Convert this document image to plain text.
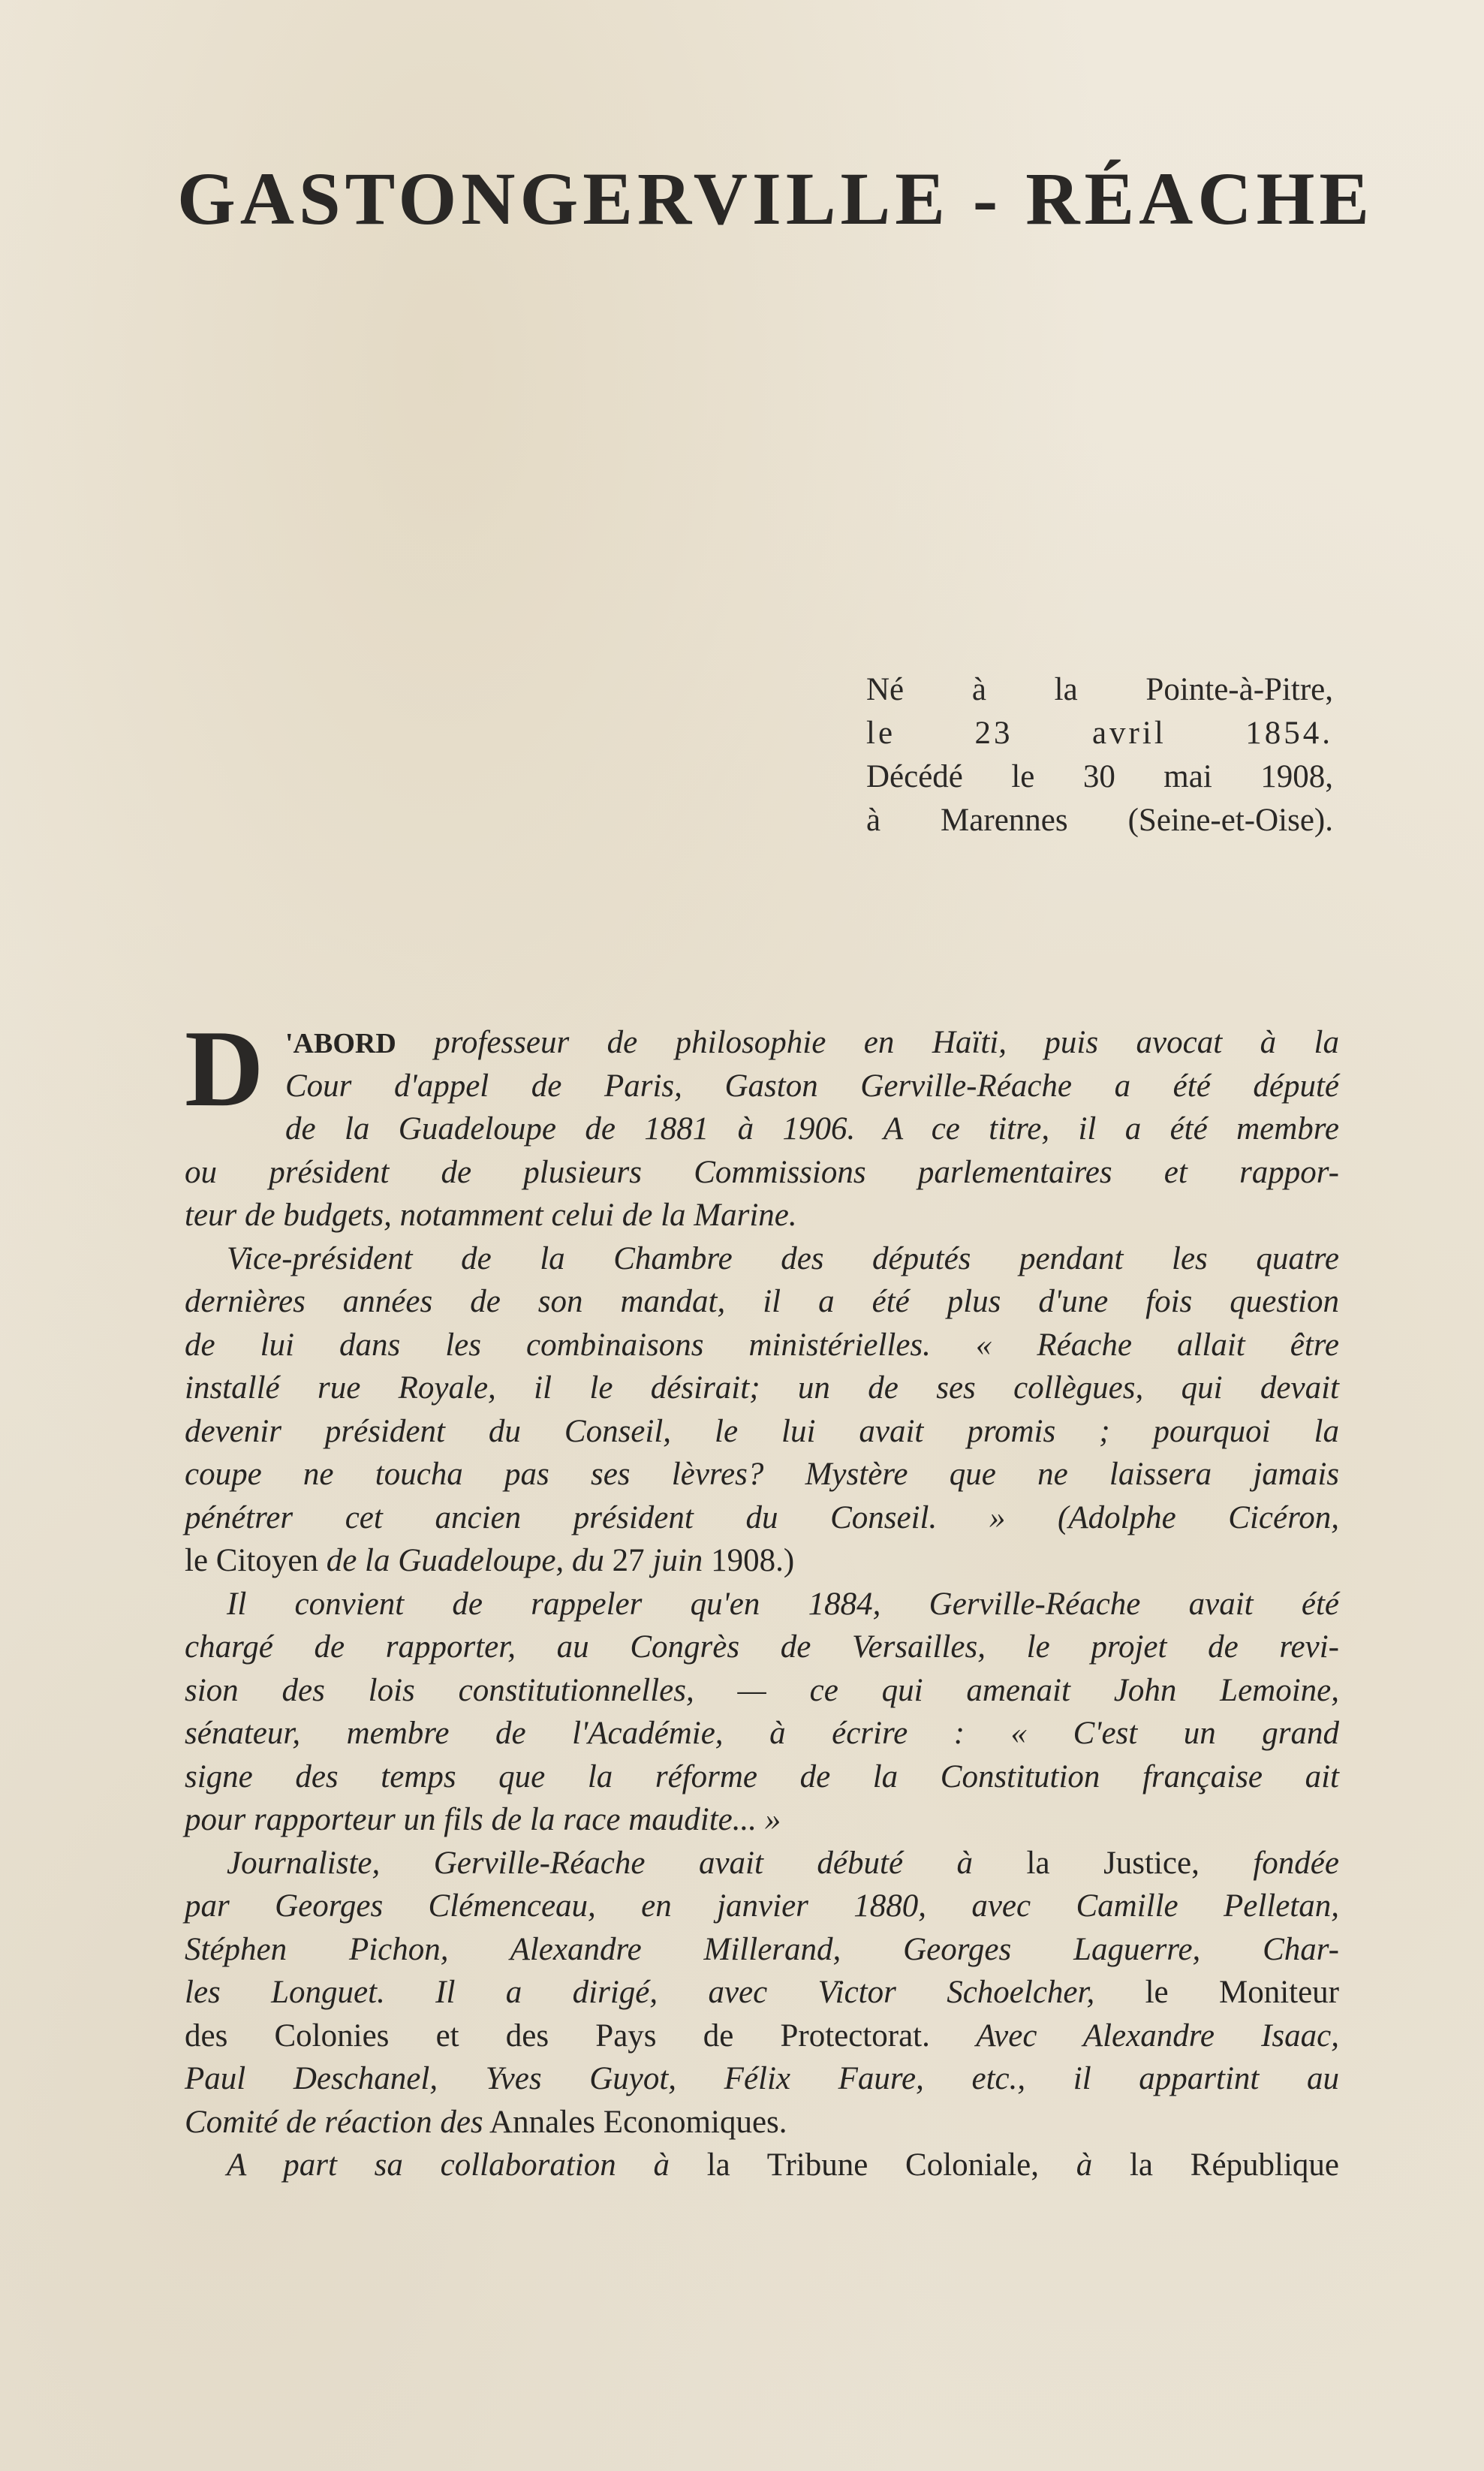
GASTON GERVILLE - RÉACHE
Né à la Pointe-à-Pitre,
le 23 avril 1854.
Décédé le 30 mai 1908,
à Marennes (Seine-et-Oise).
D 'ABORD professeur de philosophie en Haïti, puis avocat à la
Cour d'appel de Paris, Gaston Gerville-Réache a été député
de la Guadeloupe de 1881 à 1906. A ce titre, il a été membre
ou président de plusieurs Commissions parlementaires et rappor-
teur de budgets, notamment celui de la Marine.
Vice-président de la Chambre des députés pendant les quatre
dernières années de son mandat, il a été plus d'une fois question
de lui dans les combinaisons ministérielles. « Réache allait être
installé rue Royale, il le désirait; un de ses collègues, qui devait
devenir président du Conseil, le lui avait promis ; pourquoi la
coupe ne toucha pas ses lèvres? Mystère que ne laissera jamais
pénétrer cet ancien président du Conseil. » (Adolphe Cicéron,
le Citoyen de la Guadeloupe, du 27 juin 1908.)
Il convient de rappeler qu'en 1884, Gerville-Réache avait été
chargé de rapporter, au Congrès de Versailles, le projet de revi-
sion des lois constitutionnelles, — ce qui amenait John Lemoine,
sénateur, membre de l'Académie, à écrire : « C'est un grand
signe des temps que la réforme de la Constitution française ait
pour rapporteur un fils de la race maudite... »
Journaliste, Gerville-Réache avait débuté à la Justice, fondée
par Georges Clémenceau, en janvier 1880, avec Camille Pelletan,
Stéphen Pichon, Alexandre Millerand, Georges Laguerre, Char-
les Longuet. Il a dirigé, avec Victor Schoelcher, le Moniteur
des Colonies et des Pays de Protectorat. Avec Alexandre Isaac,
Paul Deschanel, Yves Guyot, Félix Faure, etc., il appartint au
Comité de réaction des Annales Economiques.
A part sa collaboration à la Tribune Coloniale, à la République
